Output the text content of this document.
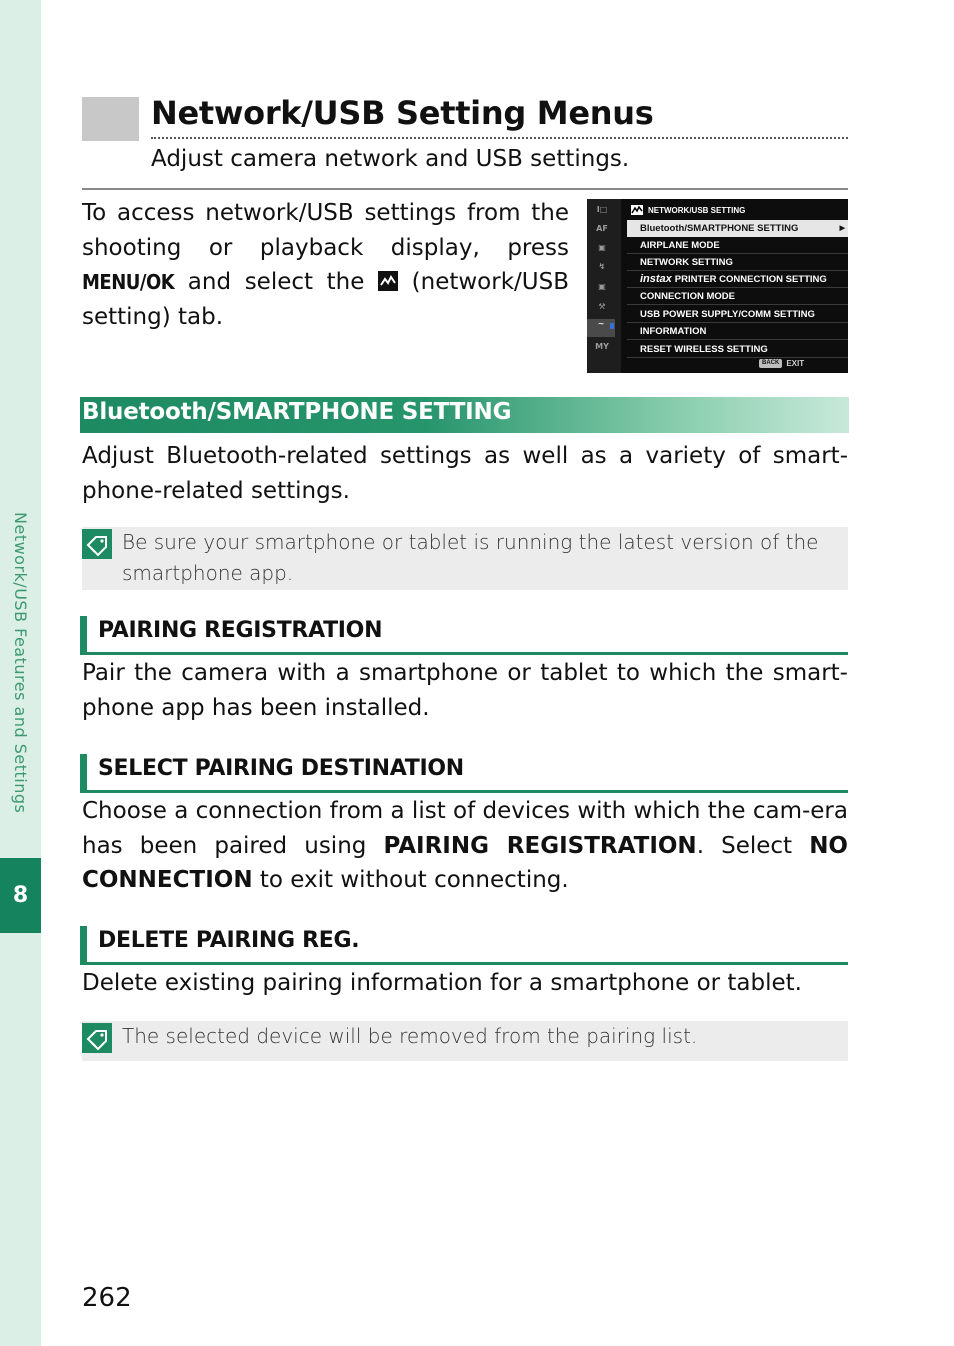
Network/USB Features and Settings
8
Network/USB Setting Menus
Adjust camera network and USB settings.
To access network/USB settings from the shooting or playback display, press MENU/OK and select the
(network/USB setting) tab.
I□
AF
▣
↯
▣
⚒
∼
MY
NETWORK/USB SETTING
Bluetooth/SMARTPHONE SETTING	▶
AIRPLANE MODE
NETWORK SETTING
instax PRINTER CONNECTION SETTING
CONNECTION MODE
USB POWER SUPPLY/COMM SETTING
INFORMATION
RESET WIRELESS SETTING
BACK EXIT
Bluetooth/SMARTPHONE SETTING
Adjust Bluetooth-related settings as well as a variety of smart-phone-related settings.
Be sure your smartphone or tablet is running the latest version of the smartphone app.
PAIRING REGISTRATION
Pair the camera with a smartphone or tablet to which the smart-phone app has been installed.
SELECT PAIRING DESTINATION
Choose a connection from a list of devices with which the cam-era has been paired using PAIRING REGISTRATION. Select NO CONNECTION to exit without connecting.
DELETE PAIRING REG.
Delete existing pairing information for a smartphone or tablet.
The selected device will be removed from the pairing list.
262
